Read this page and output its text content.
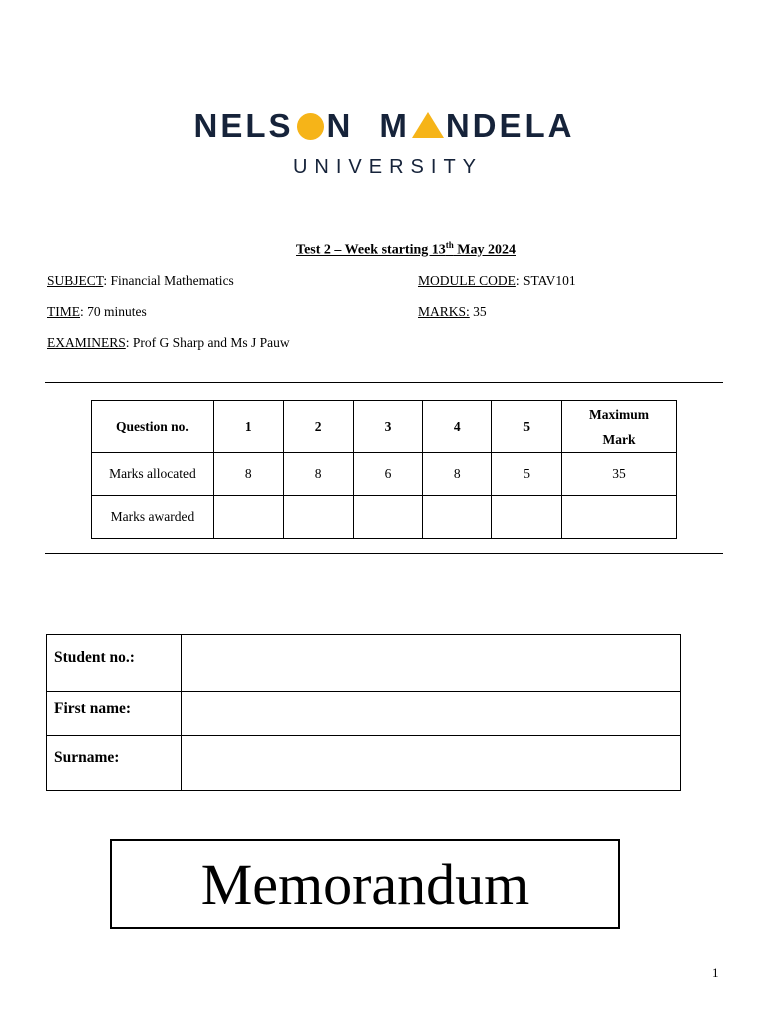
NELS N M NDELA
UNIVERSITY
Test 2 – Week starting 13th May 2024
SUBJECT: Financial Mathematics	MODULE CODE: STAV101
TIME: 70 minutes	MARKS: 35
EXAMINERS: Prof G Sharp and Ms J Pauw
Question no.	1	2	3	4	5	Maximum
Mark
Marks allocated	8	8	6	8	5	35
Marks awarded						
Student no.:	
First name:	
Surname:	
Memorandum
1
